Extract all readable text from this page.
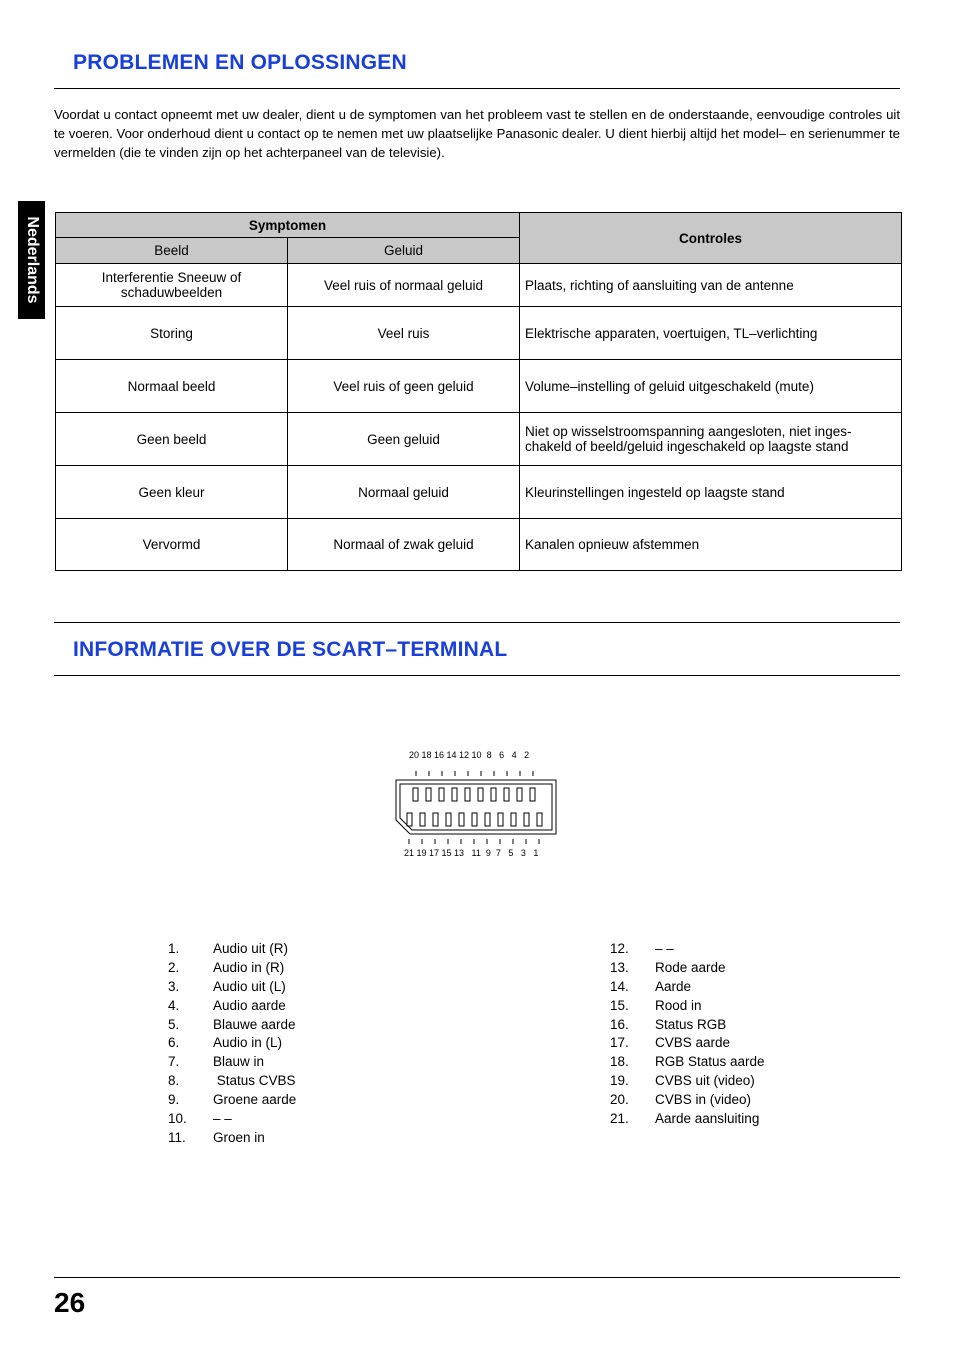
PROBLEMEN EN OPLOSSINGEN
Voordat u contact opneemt met uw dealer, dient u de symptomen van het probleem vast te stellen en de onderstaande, eenvoudige controles uit te voeren. Voor onderhoud dient u contact op te nemen met uw plaatselijke Panasonic dealer. U dient hierbij altijd het model– en serienummer te vermelden (die te vinden zijn op het achterpaneel van de televisie).
Nederlands	Symptomen		Controles
Beeld	Geluid	
Interferentie Sneeuw of schaduwbeelden	Veel ruis of normaal geluid	Plaats, richting of aansluiting van de antenne
Storing	Veel ruis	Elektrische apparaten, voertuigen, TL–verlichting
Normaal beeld	Veel ruis of geen geluid	Volume–instelling of geluid uitgeschakeld (mute)
Geen beeld	Geen geluid	Niet op wisselstroomspanning aangesloten, niet inges- chakeld of beeld/geluid ingeschakeld op laagste stand
Geen kleur	Normaal geluid	Kleurinstellingen ingesteld op laagste stand
Vervormd	Normaal of zwak geluid	Kanalen opnieuw afstemmen
INFORMATIE OVER DE SCART–TERMINAL
20 18 16 14 12 10  8   6   4   2
21 19 17 15 13   11  9  7   5   3   1
1. Audio uit (R)
2. Audio in (R)
3. Audio uit (L)
4. Audio aarde
5. Blauwe aarde
6. Audio in (L)
7. Blauw in
8. Status CVBS
9. Groene aarde
10. – –
11. Groen in
12. – –
13. Rode aarde
14. Aarde
15. Rood in
16. Status RGB
17. CVBS aarde
18. RGB Status aarde
19. CVBS uit (video)
20. CVBS in (video)
21. Aarde aansluiting
26
